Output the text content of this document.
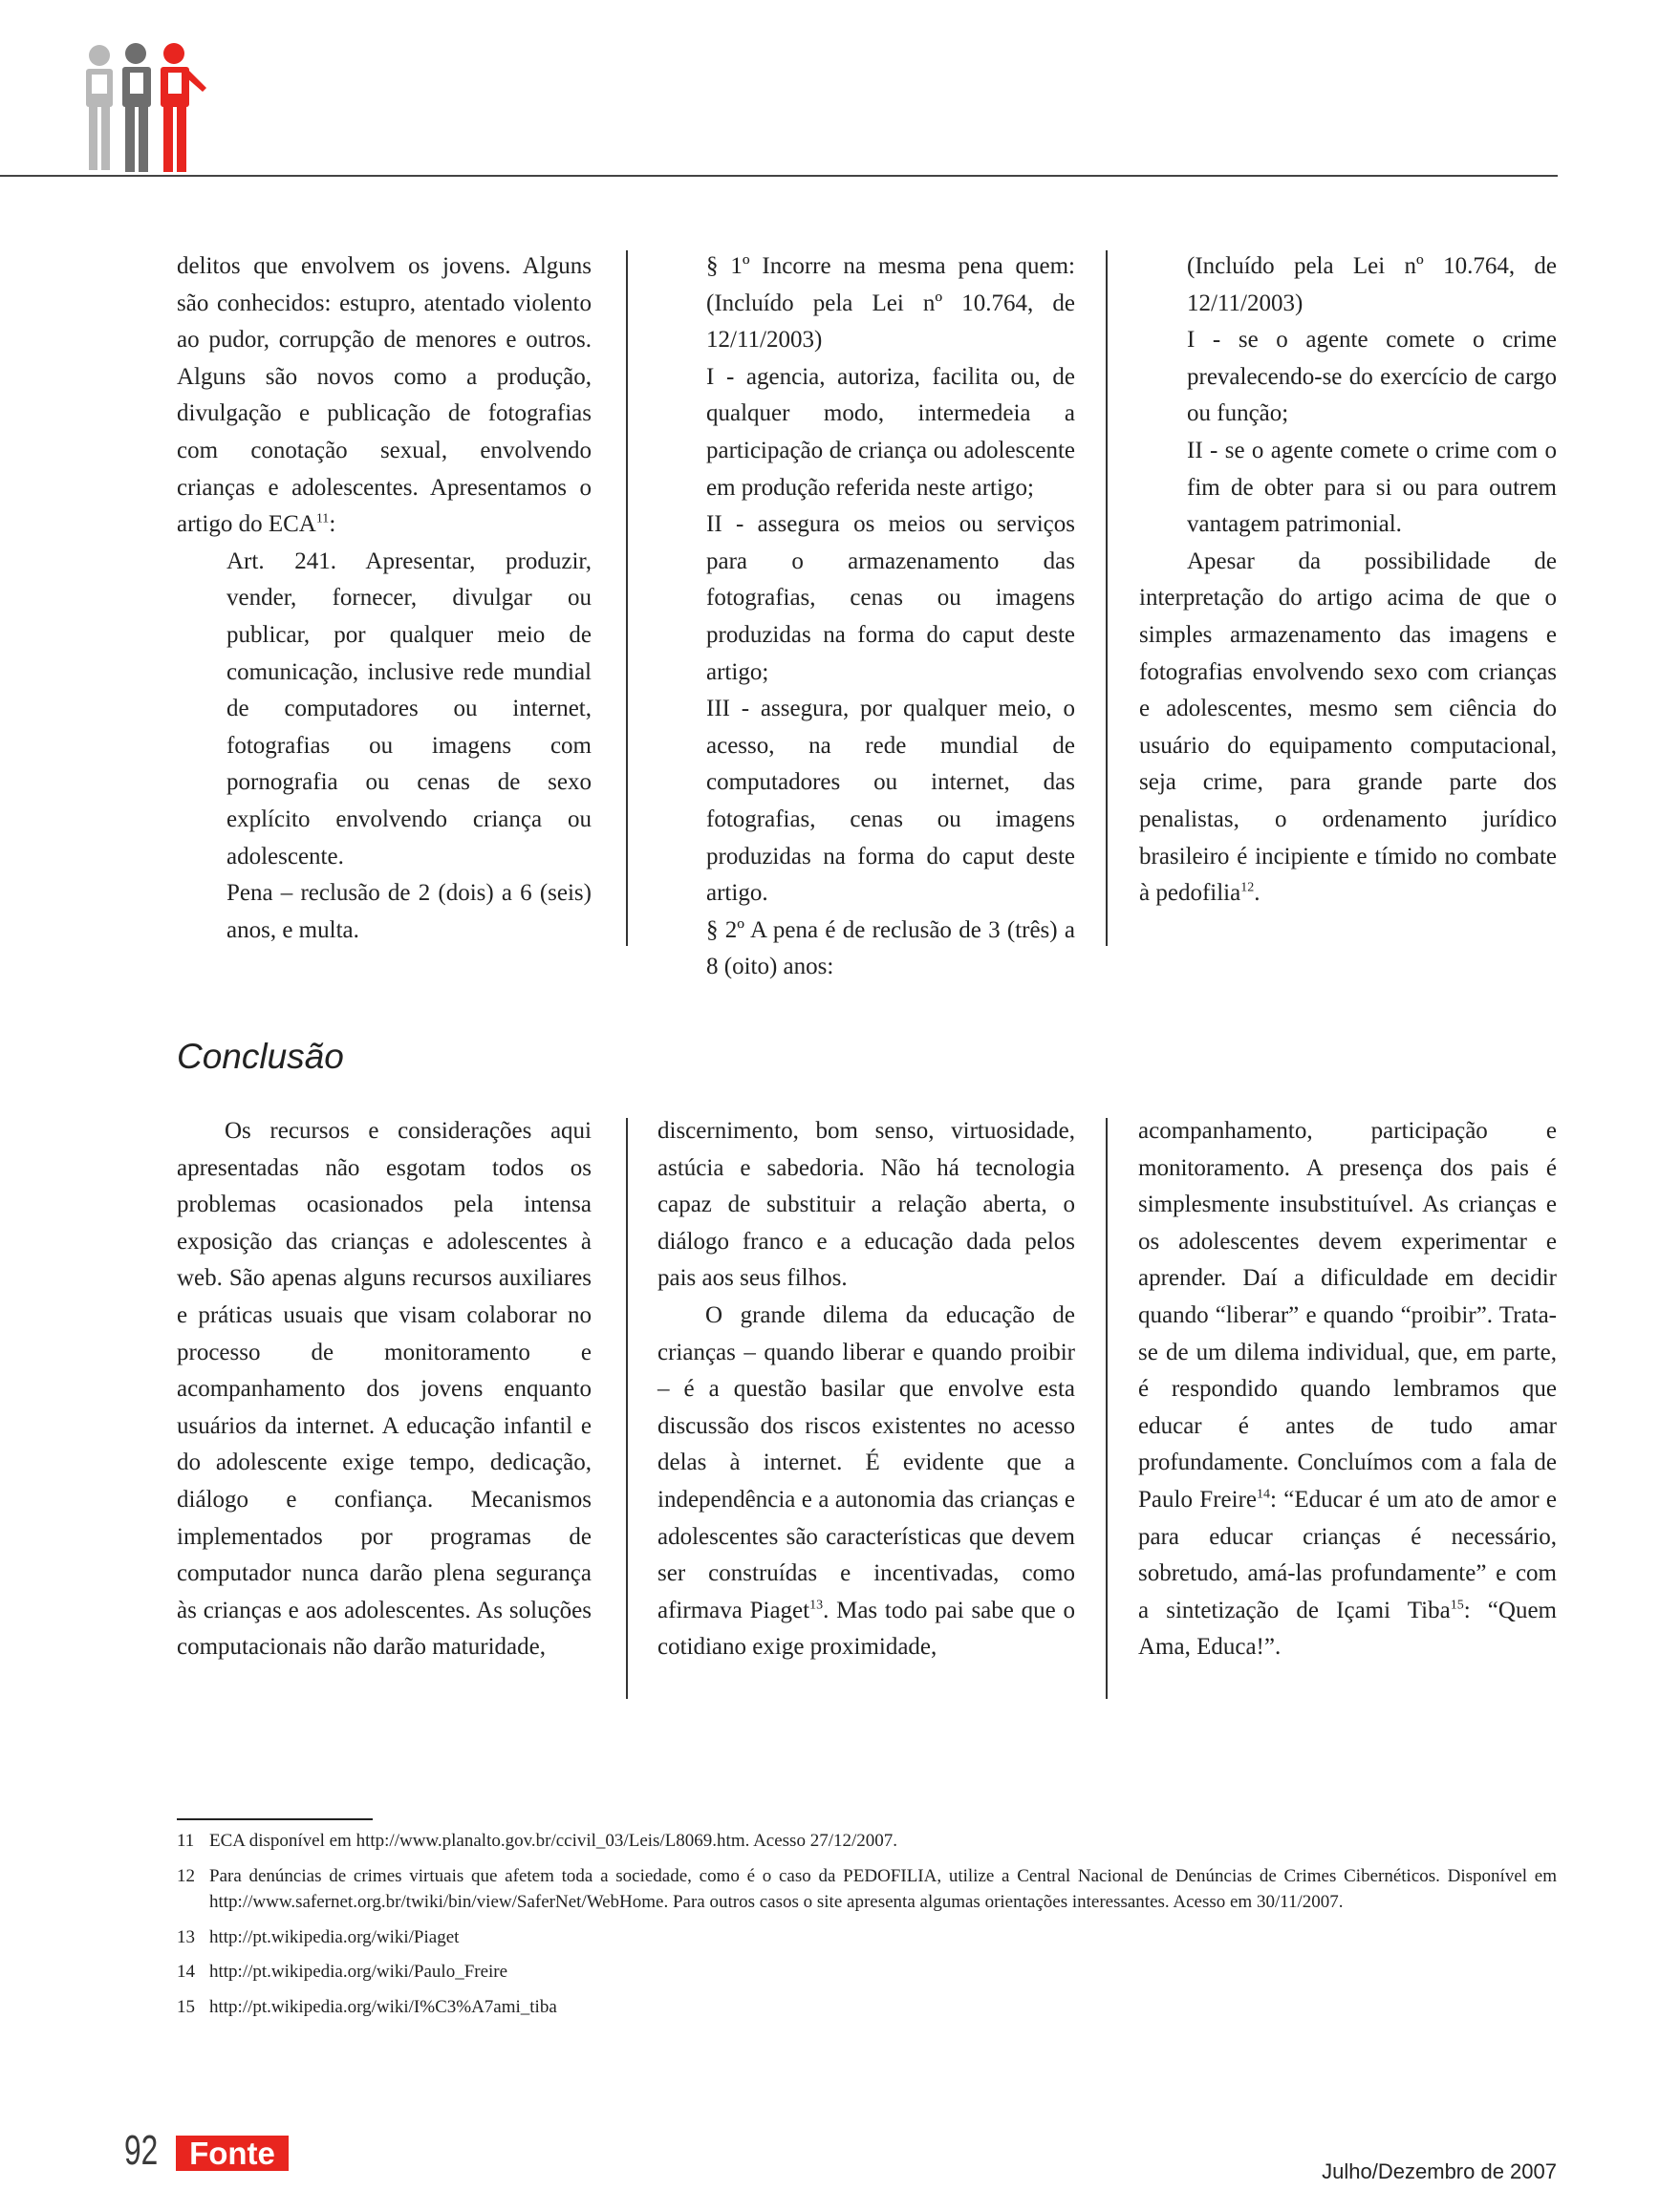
delitos que envolvem os jovens. Alguns são conhecidos: estupro, atentado violento ao pudor, corrupção de menores e outros. Alguns são novos como a produção, divulgação e publicação de fotografias com conotação sexual, envolvendo crianças e adolescentes. Apresentamos o artigo do ECA$^{11}$:

Art. 241. Apresentar, produzir, vender, fornecer, divulgar ou publicar, por qualquer meio de comunicação, inclusive rede mundial de computadores ou internet, fotografias ou imagens com pornografia ou cenas de sexo explícito envolvendo criança ou adolescente.

Pena – reclusão de 2 (dois) a 6 (seis) anos, e multa.

§ 1º Incorre na mesma pena quem: (Incluído pela Lei nº 10.764, de 12/11/2003)

I - agencia, autoriza, facilita ou, de qualquer modo, intermedeia a participação de criança ou adolescente em produção referida neste artigo;

II - assegura os meios ou serviços para o armazenamento das fotografias, cenas ou imagens produzidas na forma do caput deste artigo;

III - assegura, por qualquer meio, o acesso, na rede mundial de computadores ou internet, das fotografias, cenas ou imagens produzidas na forma do caput deste artigo.

§ 2º A pena é de reclusão de 3 (três) a 8 (oito) anos:

(Incluído pela Lei nº 10.764, de 12/11/2003)

I - se o agente comete o crime prevalecendo-se do exercício de cargo ou função;

II - se o agente comete o crime com o fim de obter para si ou para outrem vantagem patrimonial.

Apesar da possibilidade de interpretação do artigo acima de que o simples armazenamento das imagens e fotografias envolvendo sexo com crianças e adolescentes, mesmo sem ciência do usuário do equipamento computacional, seja crime, para grande parte dos penalistas, o ordenamento jurídico brasileiro é incipiente e tímido no combate à pedofilia$^{12}$.

Conclusão

Os recursos e considerações aqui apresentadas não esgotam todos os problemas ocasionados pela intensa exposição das crianças e adolescentes à web. São apenas alguns recursos auxiliares e práticas usuais que visam colaborar no processo de monitoramento e acompanhamento dos jovens enquanto usuários da internet. A educação infantil e do adolescente exige tempo, dedicação, diálogo e confiança. Mecanismos implementados por programas de computador nunca darão plena segurança às crianças e aos adolescentes. As soluções computacionais não darão maturidade,

discernimento, bom senso, virtuosidade, astúcia e sabedoria. Não há tecnologia capaz de substituir a relação aberta, o diálogo franco e a educação dada pelos pais aos seus filhos.

O grande dilema da educação de crianças – quando liberar e quando proibir – é a questão basilar que envolve esta discussão dos riscos existentes no acesso delas à internet. É evidente que a independência e a autonomia das crianças e adolescentes são características que devem ser construídas e incentivadas, como afirmava Piaget$^{13}$. Mas todo pai sabe que o cotidiano exige proximidade,

acompanhamento, participação e monitoramento. A presença dos pais é simplesmente insubstituível. As crianças e os adolescentes devem experimentar e aprender. Daí a dificuldade em decidir quando “liberar” e quando “proibir”. Trata-se de um dilema individual, que, em parte, é respondido quando lembramos que educar é antes de tudo amar profundamente. Concluímos com a fala de Paulo Freire$^{14}$: “Educar é um ato de amor e para educar crianças é necessário, sobretudo, amá-las profundamente” e com a sintetização de Içami Tiba$^{15}$: “Quem Ama, Educa!”.

11 ECA disponível em http://www.planalto.gov.br/ccivil_03/Leis/L8069.htm. Acesso 27/12/2007.
12 Para denúncias de crimes virtuais que afetem toda a sociedade, como é o caso da PEDOFILIA, utilize a Central Nacional de Denúncias de Crimes Cibernéticos. Disponível em http://www.safernet.org.br/twiki/bin/view/SaferNet/WebHome. Para outros casos o site apresenta algumas orientações interessantes. Acesso em 30/11/2007.
13 http://pt.wikipedia.org/wiki/Piaget
14 http://pt.wikipedia.org/wiki/Paulo_Freire
15 http://pt.wikipedia.org/wiki/I%C3%A7ami_tiba
92 Fonte
Julho/Dezembro de 2007
